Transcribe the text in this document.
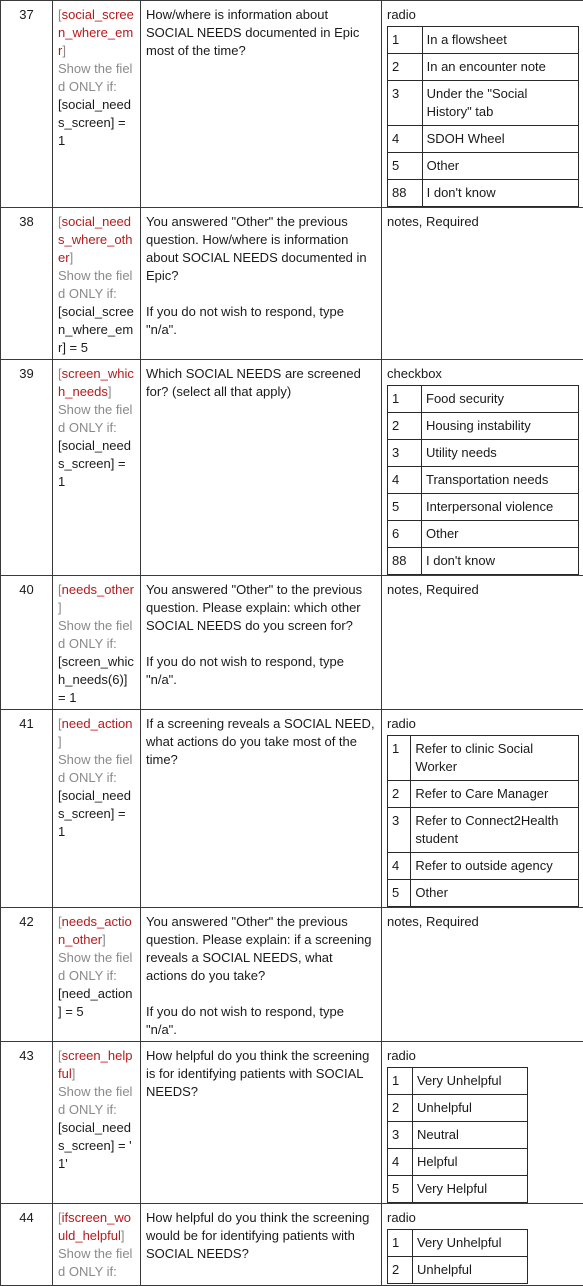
37	[social_scree
n_where_em
r]
Show the fiel
d ONLY if:
[social_need
s_screen] =
1

How/where is information about SOCIAL NEEDS documented in Epic most of the time?

radio
1	In a flowsheet
2	In an encounter note
3	Under the "Social History" tab
4	SDOH Wheel
5	Other
88	I don't know

38	[social_need
s_where_oth
er]
Show the fiel
d ONLY if:
[social_scree
n_where_em
r] = 5

You answered "Other" the previous question. How/where is information about SOCIAL NEEDS documented in Epic?
If you do not wish to respond, type "n/a".

notes, Required

39	[screen_whic
h_needs]
Show the fiel
d ONLY if:
[social_need
s_screen] =
1

Which SOCIAL NEEDS are screened for? (select all that apply)

checkbox
1	Food security
2	Housing instability
3	Utility needs
4	Transportation needs
5	Interpersonal violence
6	Other
88	I don't know

40	[needs_other
]
Show the fiel
d ONLY if:
[screen_whic
h_needs(6)]
= 1

You answered "Other" to the previous question. Please explain: which other SOCIAL NEEDS do you screen for?
If you do not wish to respond, type "n/a".

notes, Required

41	[need_action
]
Show the fiel
d ONLY if:
[social_need
s_screen] =
1

If a screening reveals a SOCIAL NEED, what actions do you take most of the time?

radio
1	Refer to clinic Social Worker
2	Refer to Care Manager
3	Refer to Connect2Health student
4	Refer to outside agency
5	Other

42	[needs_actio
n_other]
Show the fiel
d ONLY if:
[need_action
] = 5

You answered "Other" the previous question. Please explain: if a screening reveals a SOCIAL NEEDS, what actions do you take?
If you do not wish to respond, type "n/a".

notes, Required

43	[screen_help
ful]
Show the fiel
d ONLY if:
[social_need
s_screen] = '
1'

How helpful do you think the screening is for identifying patients with SOCIAL NEEDS?

radio
1	Very Unhelpful
2	Unhelpful
3	Neutral
4	Helpful
5	Very Helpful

44	[ifscreen_wo
uld_helpful]
Show the fiel
d ONLY if:

How helpful do you think the screening would be for identifying patients with SOCIAL NEEDS?

radio
1	Very Unhelpful
2	Unhelpful
